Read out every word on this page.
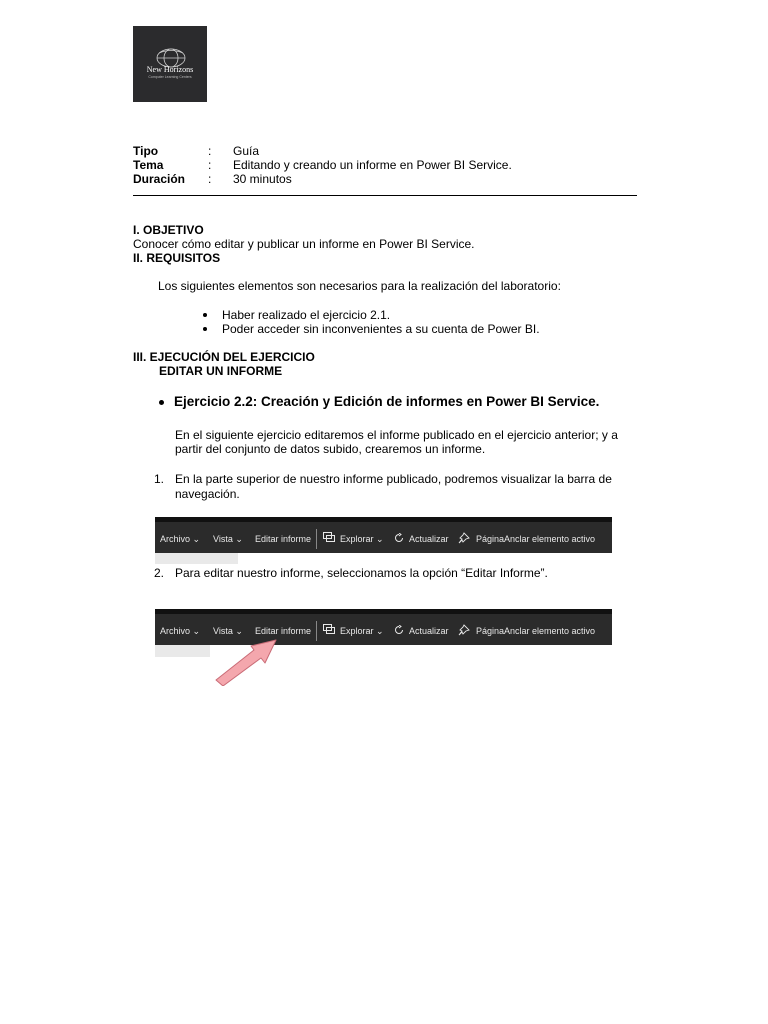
New Horizons
Computer Learning Centers
Tipo	:	Guía
Tema	:	Editando y creando un informe en Power BI Service.
Duración	:	30 minutos
I. OBJETIVO
Conocer cómo editar y publicar un informe en Power BI Service.
II. REQUISITOS
Los siguientes elementos son necesarios para la realización del laboratorio:
Haber realizado el ejercicio 2.1.
Poder acceder sin inconvenientes a su cuenta de Power BI.
III. EJECUCIÓN DEL EJERCICIO
EDITAR UN INFORME
Ejercicio 2.2: Creación y Edición de informes en Power BI Service.
En el siguiente ejercicio editaremos el informe publicado en el ejercicio anterior; y a
partir del conjunto de datos subido, crearemos un informe.
1. En la parte superior de nuestro informe publicado, podremos visualizar la barra de
navegación.
Archivo ⌄ Vista ⌄ Editar informe	Explorar ⌄	Actualizar	Página Anclar elemento activo
2. Para editar nuestro informe, seleccionamos la opción “Editar Informe”.
Archivo ⌄ Vista ⌄ Editar informe	Explorar ⌄	Actualizar	Página Anclar elemento activo
